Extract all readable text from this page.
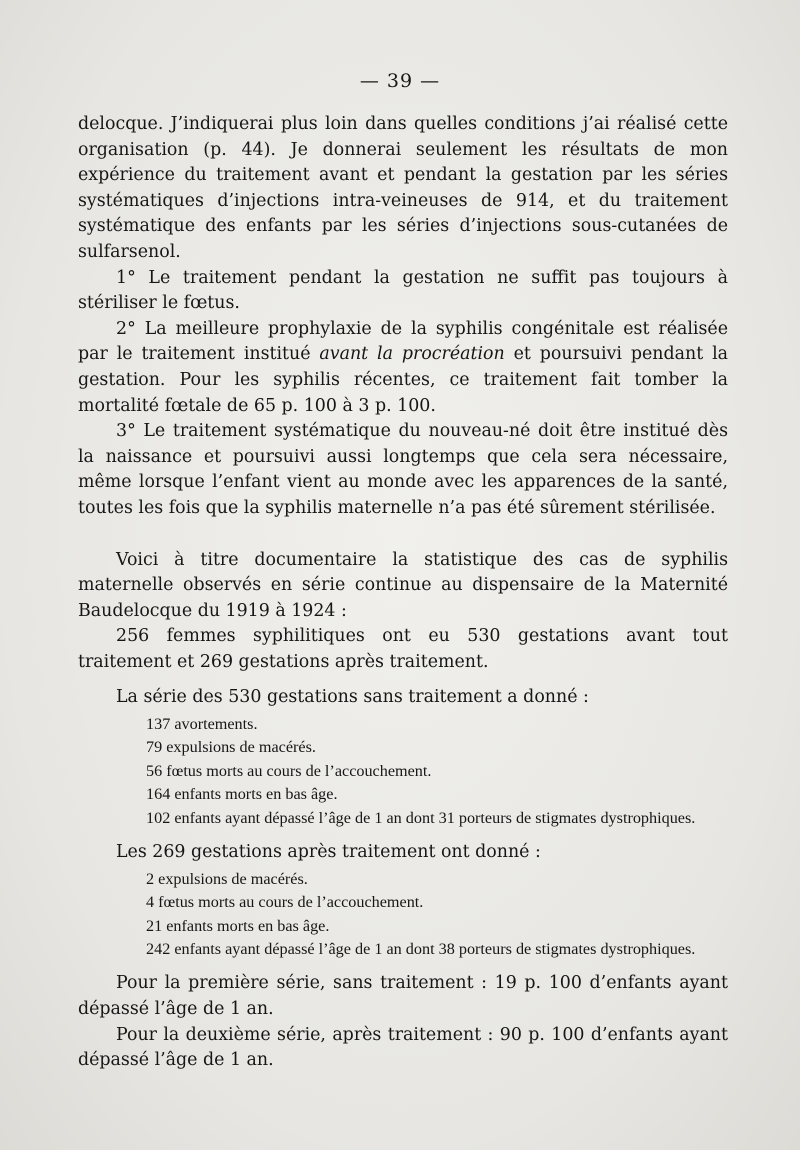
— 39 —

delocque. J’indiquerai plus loin dans quelles conditions j’ai réalisé cette organisation (p. 44). Je donnerai seulement les résultats de mon expérience du traitement avant et pendant la gestation par les séries systématiques d’injections intra-veineuses de 914, et du traitement systématique des enfants par les séries d’injections sous-cutanées de sulfarsenol.

1° Le traitement pendant la gestation ne suffit pas toujours à stériliser le fœtus.

2° La meilleure prophylaxie de la syphilis congénitale est réalisée par le traitement institué avant la procréation et poursuivi pendant la gestation. Pour les syphilis récentes, ce traitement fait tomber la mortalité fœtale de 65 p. 100 à 3 p. 100.

3° Le traitement systématique du nouveau-né doit être institué dès la naissance et poursuivi aussi longtemps que cela sera nécessaire, même lorsque l’enfant vient au monde avec les apparences de la santé, toutes les fois que la syphilis maternelle n’a pas été sûrement stérilisée.

Voici à titre documentaire la statistique des cas de syphilis maternelle observés en série continue au dispensaire de la Maternité Baudelocque du 1919 à 1924 :

256 femmes syphilitiques ont eu 530 gestations avant tout traitement et 269 gestations après traitement.

La série des 530 gestations sans traitement a donné :

137 avortements.
79 expulsions de macérés.
56 fœtus morts au cours de l’accouchement.
164 enfants morts en bas âge.
102 enfants ayant dépassé l’âge de 1 an dont 31 porteurs de stigmates dystrophiques.

Les 269 gestations après traitement ont donné :

2 expulsions de macérés.
4 fœtus morts au cours de l’accouchement.
21 enfants morts en bas âge.
242 enfants ayant dépassé l’âge de 1 an dont 38 porteurs de stigmates dystrophiques.

Pour la première série, sans traitement : 19 p. 100 d’enfants ayant dépassé l’âge de 1 an.

Pour la deuxième série, après traitement : 90 p. 100 d’enfants ayant dépassé l’âge de 1 an.
